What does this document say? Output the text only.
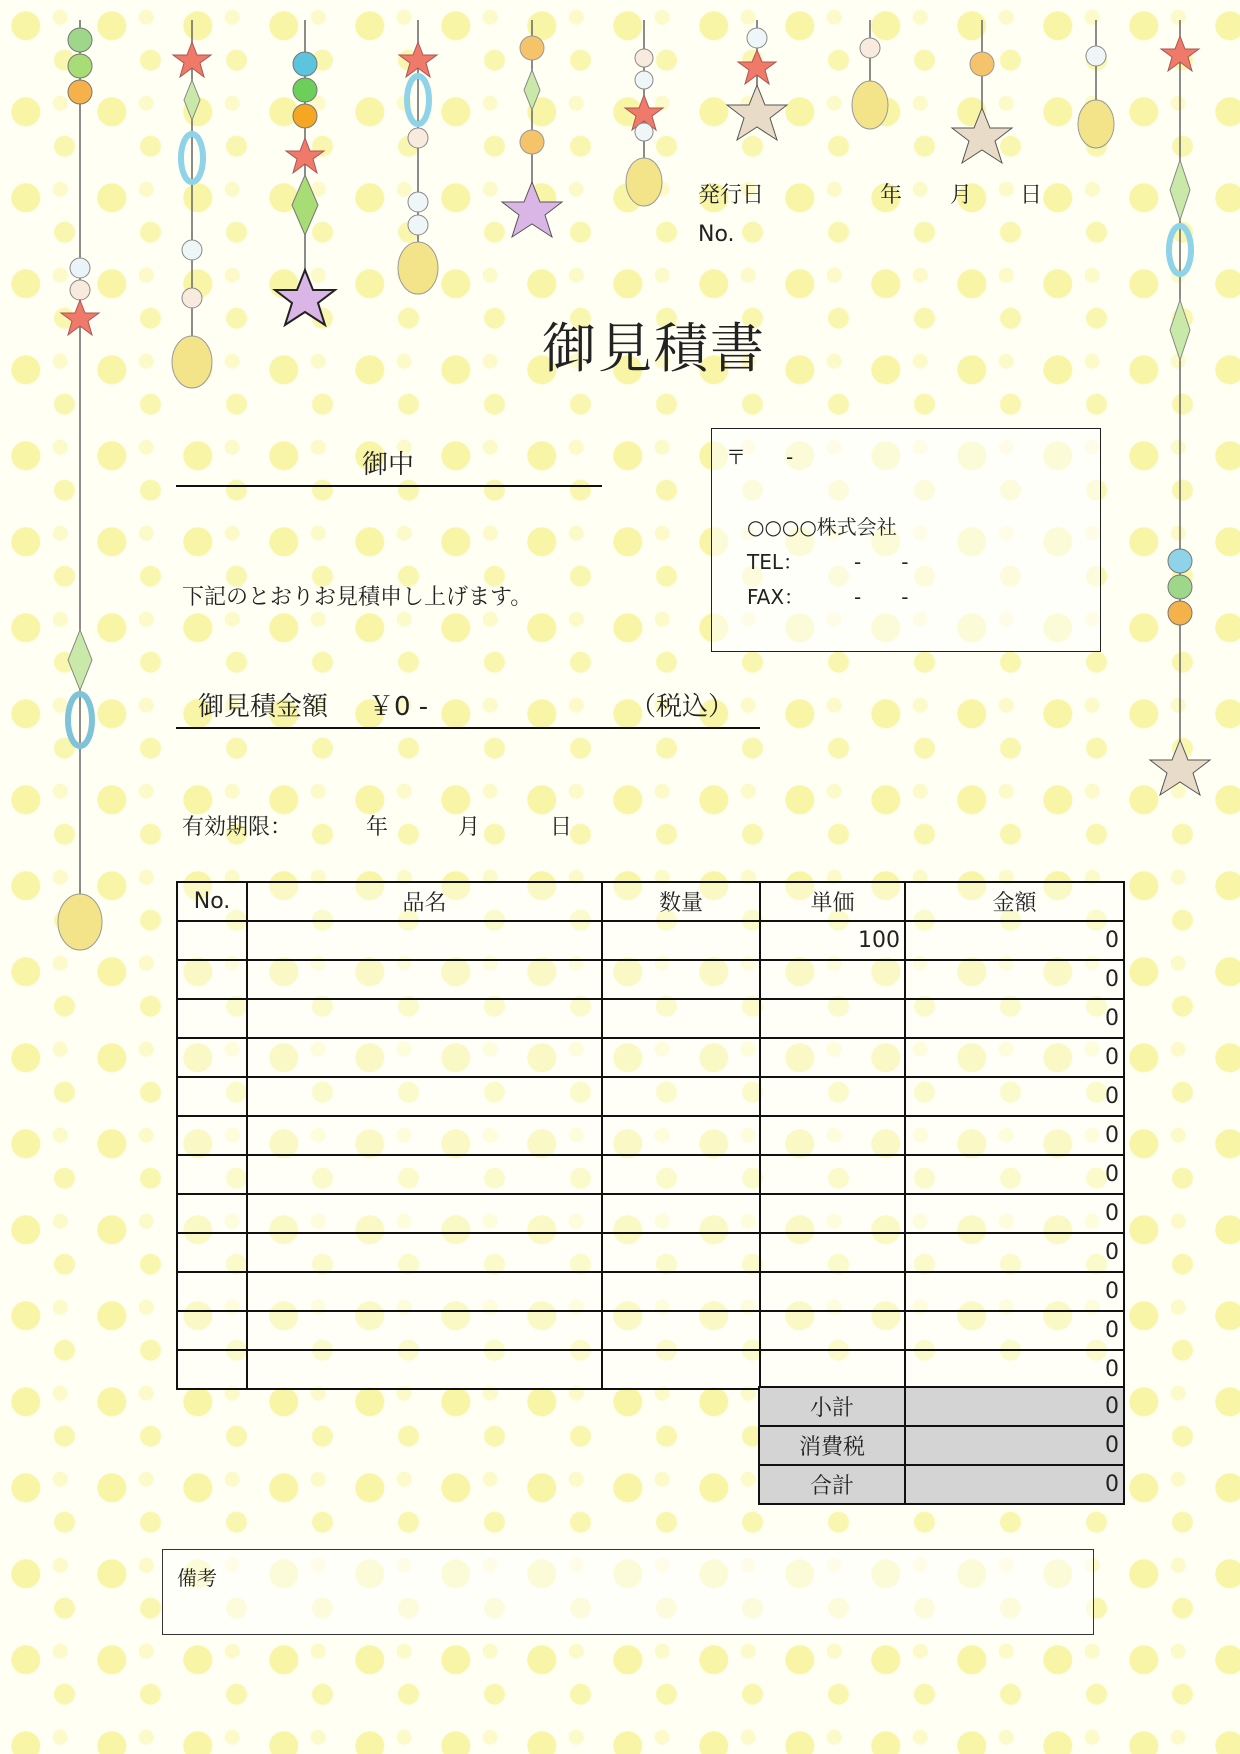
発行日	年 月 日
No.
御見積書
御中
下記のとおりお見積申し上げます。
〒　　-
○○○○株式会社
TEL：	-　　-
FAX： -　　-
御見積金額 ￥0 -	（税込）
有効期限：	年	月	日
No.	品名	数量	単価	金額
			100	0
				0
				0
				0
				0
				0
				0
				0
				0
				0
				0
				0
小計	0
消費税	0
合計	0
備考
